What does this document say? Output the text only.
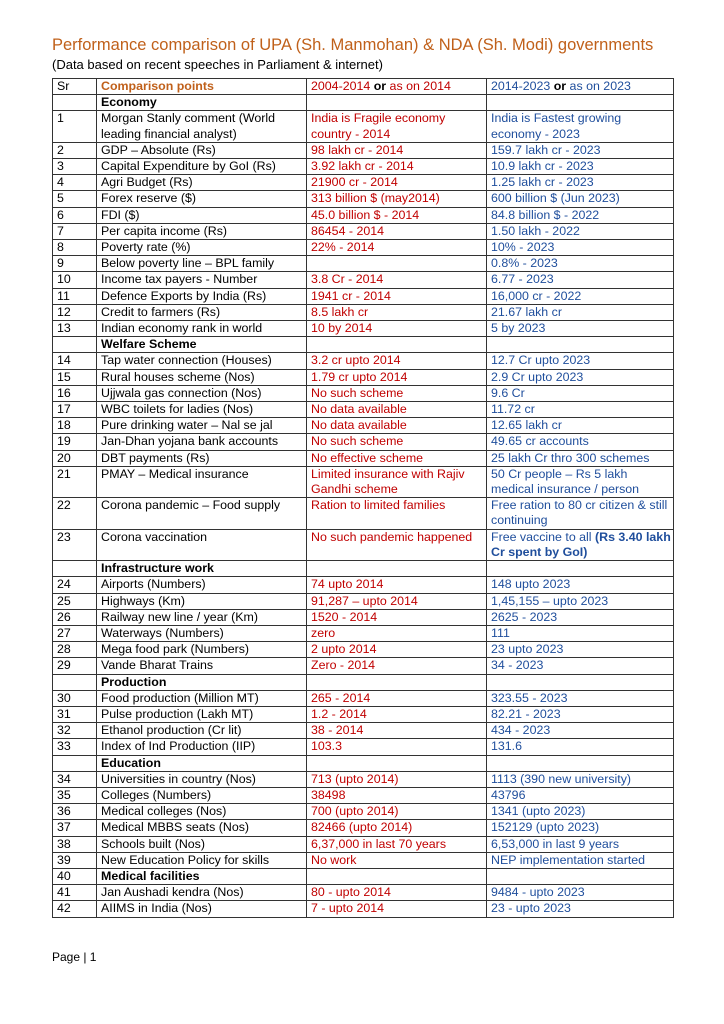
Performance comparison of UPA (Sh. Manmohan) & NDA (Sh. Modi) governments
(Data based on recent speeches in Parliament & internet)
Sr	Comparison points	2004-2014 or as on 2014	2014-2023 or as on 2023
	Economy		
1	Morgan Stanly comment (World leading financial analyst)	India is Fragile economy country - 2014	India is Fastest growing economy - 2023
2	GDP – Absolute (Rs)	98 lakh cr - 2014	159.7 lakh cr - 2023
3	Capital Expenditure by GoI (Rs)	3.92 lakh cr - 2014	10.9 lakh cr - 2023
4	Agri Budget (Rs)	21900 cr - 2014	1.25 lakh cr - 2023
5	Forex reserve ($)	313 billion $ (may2014)	600 billion $ (Jun 2023)
6	FDI ($)	45.0 billion $ - 2014	84.8 billion $ - 2022
7	Per capita income (Rs)	86454 - 2014	1.50 lakh - 2022
8	Poverty rate (%)	22% - 2014	10% - 2023
9	Below poverty line – BPL family		0.8% - 2023
10	Income tax payers - Number	3.8 Cr - 2014	6.77 - 2023
11	Defence Exports by India (Rs)	1941 cr - 2014	16,000 cr - 2022
12	Credit to farmers (Rs)	8.5 lakh cr	21.67 lakh cr
13	Indian economy rank in world	10 by 2014	5 by 2023
	Welfare Scheme		
14	Tap water connection (Houses)	3.2 cr upto 2014	12.7 Cr upto 2023
15	Rural houses scheme (Nos)	1.79 cr upto 2014	2.9 Cr upto 2023
16	Ujjwala gas connection (Nos)	No such scheme	9.6 Cr
17	WBC toilets for ladies (Nos)	No data available	11.72 cr
18	Pure drinking water – Nal se jal	No data available	12.65 lakh cr
19	Jan-Dhan yojana bank accounts	No such scheme	49.65 cr accounts
20	DBT payments (Rs)	No effective scheme	25 lakh Cr thro 300 schemes
21	PMAY – Medical insurance	Limited insurance with Rajiv Gandhi scheme	50 Cr people – Rs 5 lakh medical insurance / person
22	Corona pandemic – Food supply	Ration to limited families	Free ration to 80 cr citizen & still continuing
23	Corona vaccination	No such pandemic happened	Free vaccine to all (Rs 3.40 lakh Cr spent by GoI)
	Infrastructure work		
24	Airports (Numbers)	74 upto 2014	148 upto 2023
25	Highways (Km)	91,287 – upto 2014	1,45,155 – upto 2023
26	Railway new line / year (Km)	1520 - 2014	2625 - 2023
27	Waterways (Numbers)	zero	111
28	Mega food park (Numbers)	2 upto 2014	23 upto 2023
29	Vande Bharat Trains	Zero - 2014	34 - 2023
	Production		
30	Food production (Million MT)	265 - 2014	323.55 - 2023
31	Pulse production (Lakh MT)	1.2 - 2014	82.21 - 2023
32	Ethanol production (Cr lit)	38 - 2014	434 - 2023
33	Index of Ind Production (IIP)	103.3	131.6
	Education		
34	Universities in country (Nos)	713 (upto 2014)	1113 (390 new university)
35	Colleges (Numbers)	38498	43796
36	Medical colleges (Nos)	700 (upto 2014)	1341 (upto 2023)
37	Medical MBBS seats (Nos)	82466 (upto 2014)	152129 (upto 2023)
38	Schools built (Nos)	6,37,000 in last 70 years	6,53,000 in last 9 years
39	New Education Policy for skills	No work	NEP implementation started
40	Medical facilities		
41	Jan Aushadi kendra (Nos)	80 - upto 2014	9484 - upto 2023
42	AIIMS in India (Nos)	7 - upto 2014	23 - upto 2023
Page | 1
